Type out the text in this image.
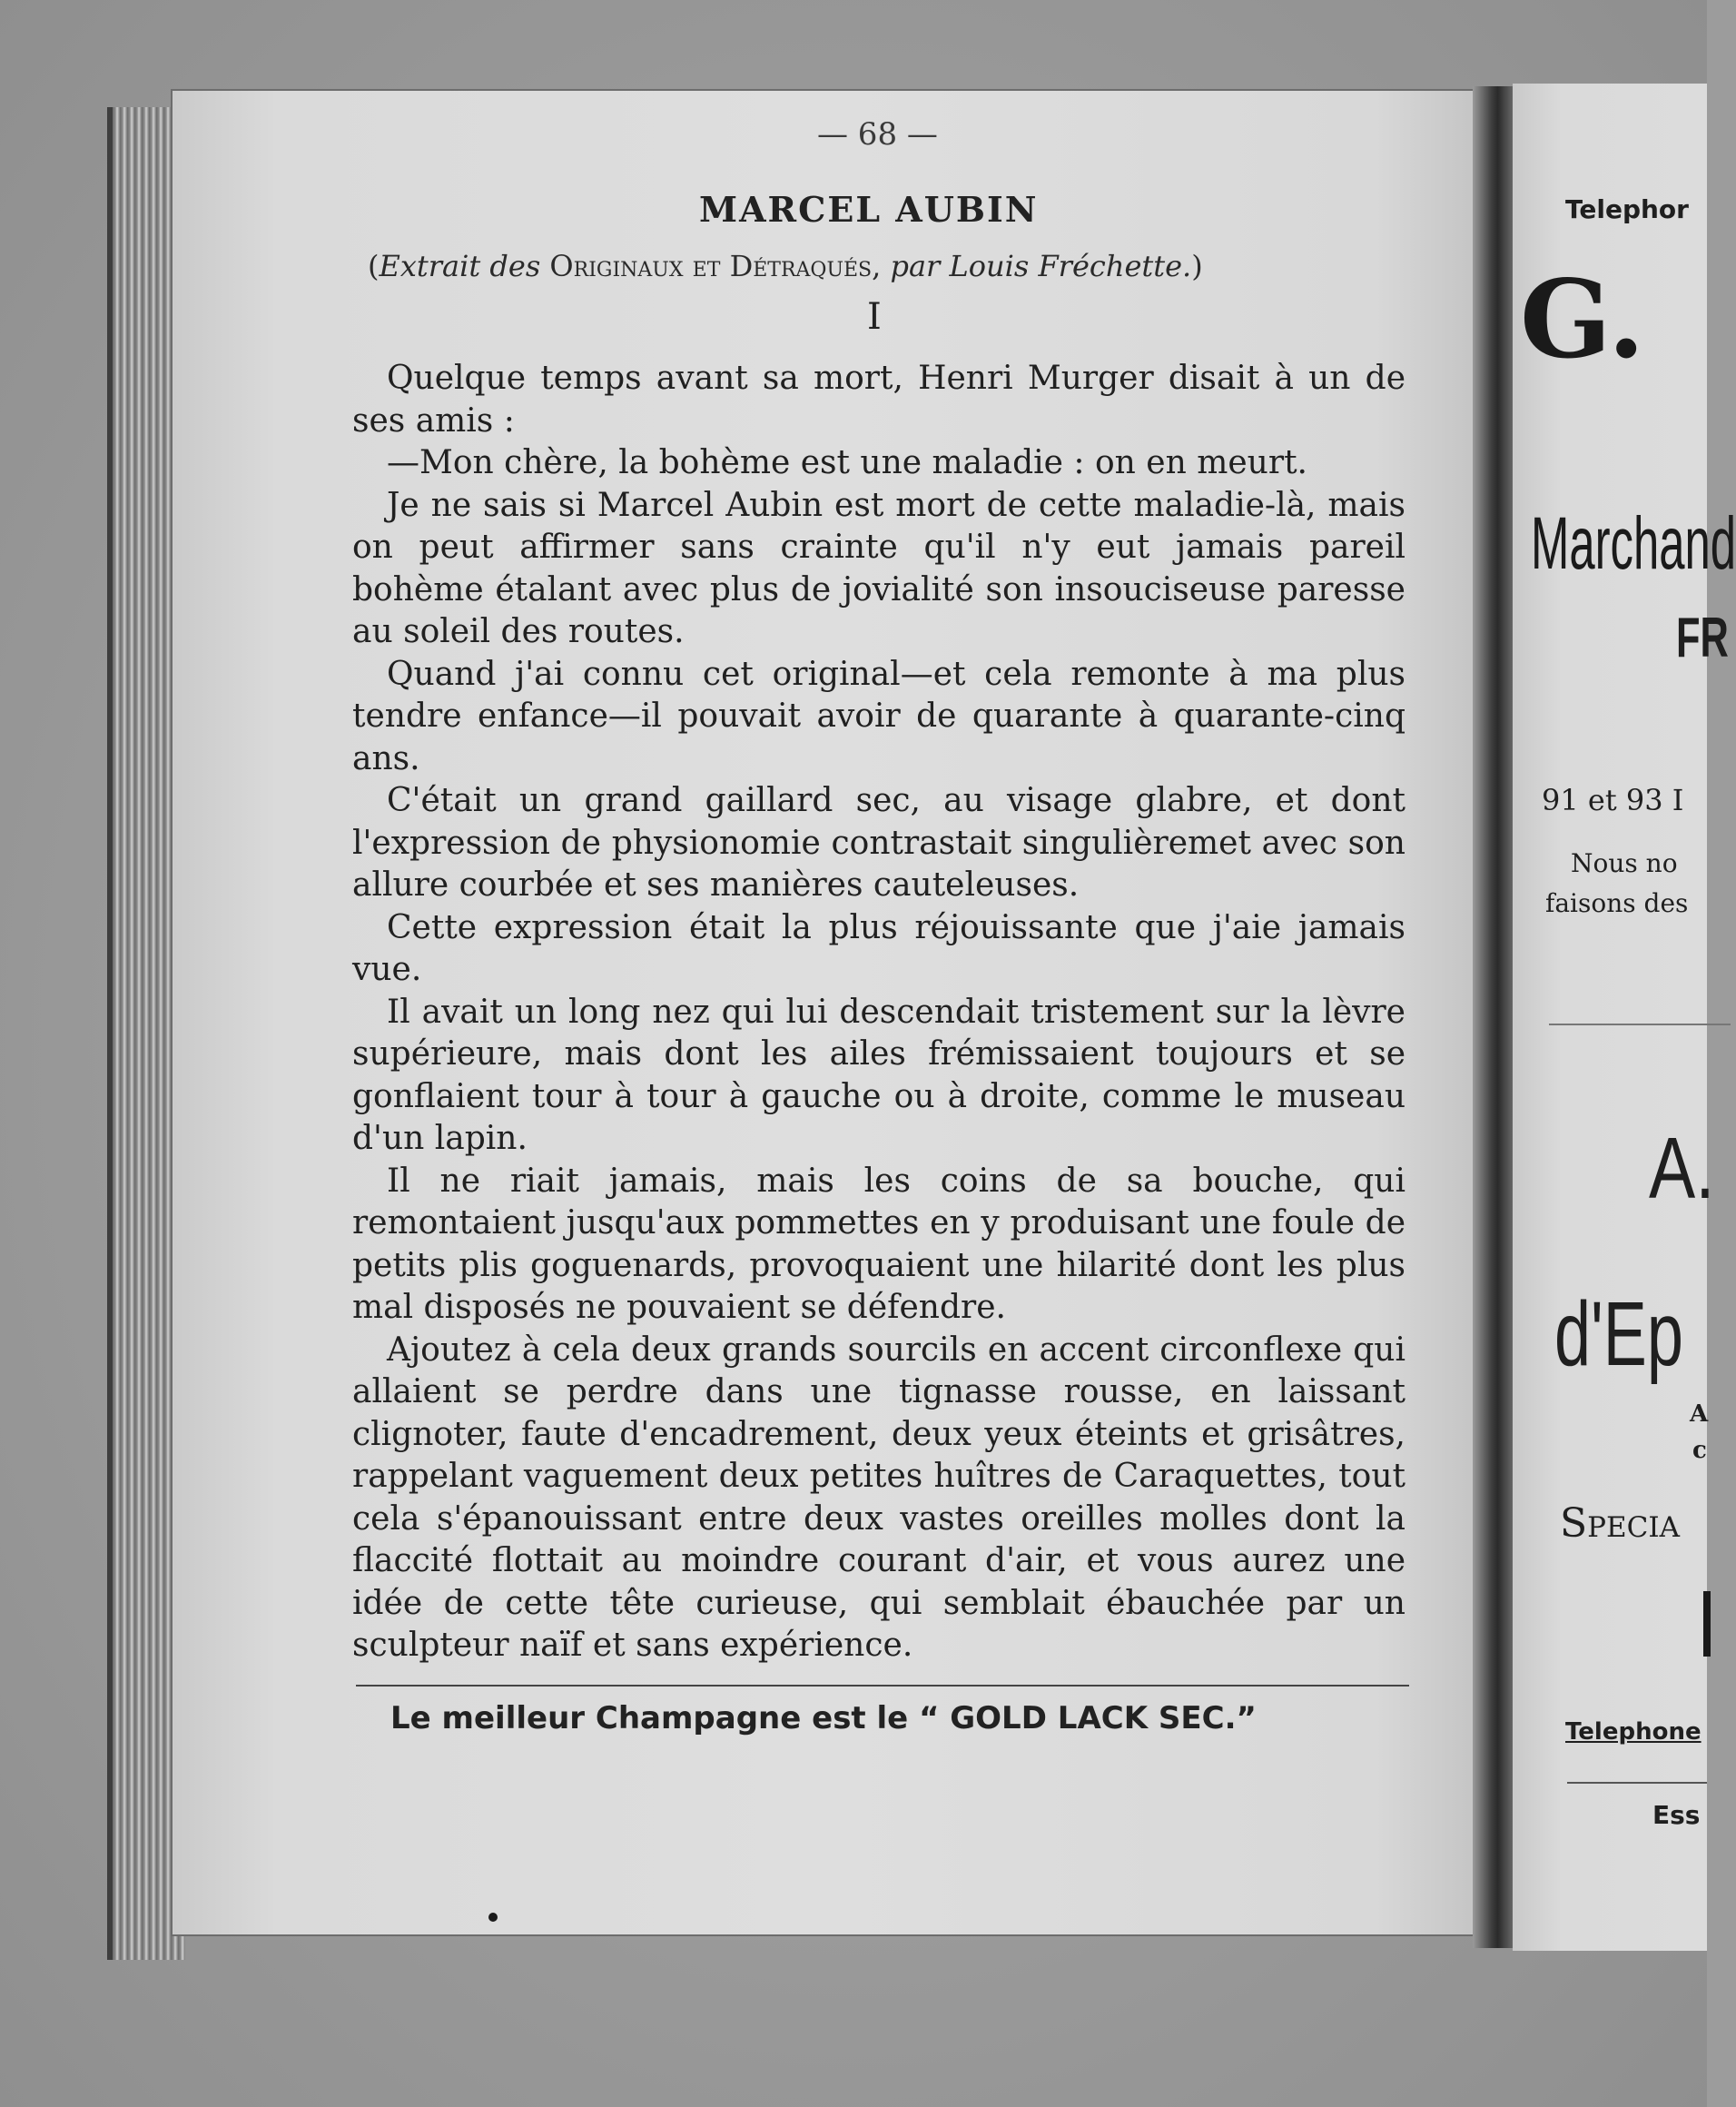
— 68 —
MARCEL AUBIN
(Extrait des Originaux et Détraqués, par Louis Fréchette.)
I

Quelque temps avant sa mort, Henri Murger disait à un de ses amis :

—Mon chère, la bohème est une maladie : on en meurt.

Je ne sais si Marcel Aubin est mort de cette maladie-là, mais on peut affirmer sans crainte qu'il n'y eut jamais pareil bohème étalant avec plus de jovialité son insouciseuse paresse au soleil des routes.

Quand j'ai connu cet original—et cela remonte à ma plus tendre enfance—il pouvait avoir de quarante à quarante-cinq ans.

C'était un grand gaillard sec, au visage glabre, et dont l'expression de physionomie contrastait singulièremet avec son allure courbée et ses manières cauteleuses.

Cette expression était la plus réjouissante que j'aie jamais vue.

Il avait un long nez qui lui descendait tristement sur la lèvre supérieure, mais dont les ailes frémissaient toujours et se gonflaient tour à tour à gauche ou à droite, comme le museau d'un lapin.

Il ne riait jamais, mais les coins de sa bouche, qui remontaient jusqu'aux pommettes en y produisant une foule de petits plis goguenards, provoquaient une hilarité dont les plus mal disposés ne pouvaient se défendre.

Ajoutez à cela deux grands sourcils en accent circonflexe qui allaient se perdre dans une tignasse rousse, en laissant clignoter, faute d'encadrement, deux yeux éteints et grisâtres, rappelant vaguement deux petites huîtres de Caraquettes, tout cela s'épanouissant entre deux vastes oreilles molles dont la flaccité flottait au moindre courant d'air, et vous aurez une idée de cette tête curieuse, qui semblait ébauchée par un sculpteur naïf et sans expérience.

Le meilleur Champagne est le “ GOLD LACK SEC.”
Telephor
G.
Marchand
FR
91 et 93 I
Nous no
faisons des
A.
d'Ep
A
c
Specia
Telephone
Ess
